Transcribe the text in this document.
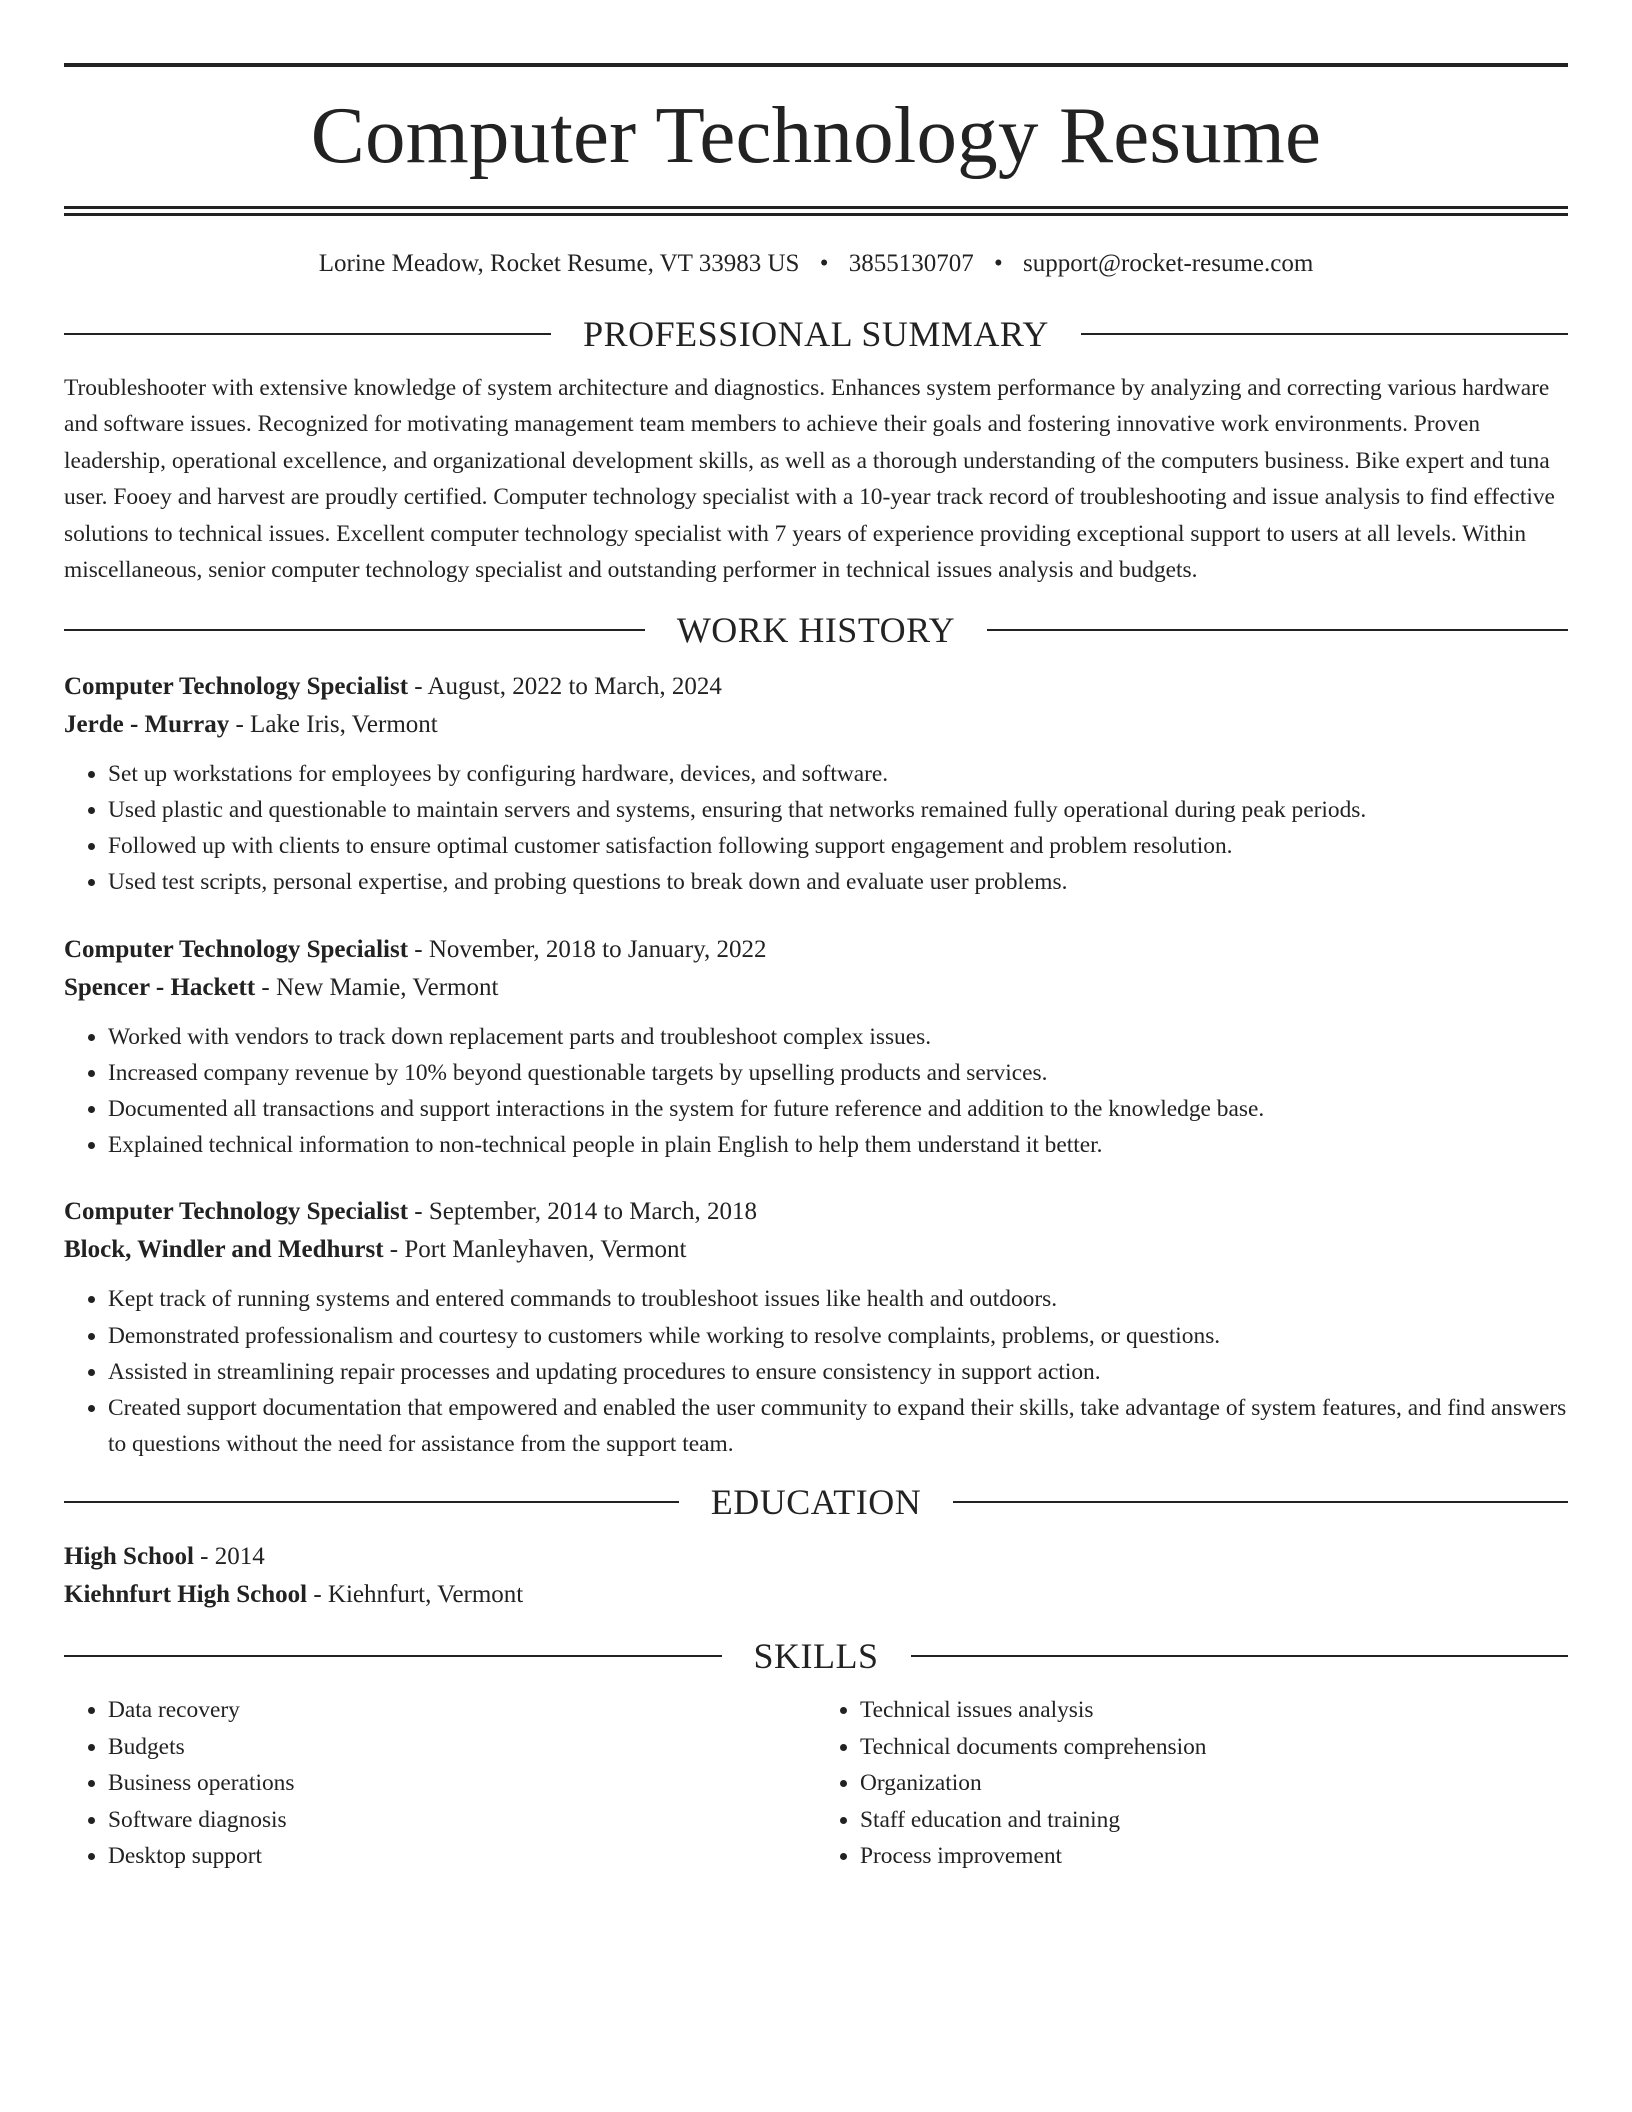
Computer Technology Resume
Lorine Meadow, Rocket Resume, VT 33983 US • 3855130707 • support@rocket-resume.com
PROFESSIONAL SUMMARY

Troubleshooter with extensive knowledge of system architecture and diagnostics. Enhances system performance by analyzing and correcting various hardware and software issues. Recognized for motivating management team members to achieve their goals and fostering innovative work environments. Proven leadership, operational excellence, and organizational development skills, as well as a thorough understanding of the computers business. Bike expert and tuna user. Fooey and harvest are proudly certified. Computer technology specialist with a 10-year track record of troubleshooting and issue analysis to find effective solutions to technical issues. Excellent computer technology specialist with 7 years of experience providing exceptional support to users at all levels. Within miscellaneous, senior computer technology specialist and outstanding performer in technical issues analysis and budgets.

WORK HISTORY
Computer Technology Specialist - August, 2022 to March, 2024
Jerde - Murray - Lake Iris, Vermont
• Set up workstations for employees by configuring hardware, devices, and software.
• Used plastic and questionable to maintain servers and systems, ensuring that networks remained fully operational during peak periods.
• Followed up with clients to ensure optimal customer satisfaction following support engagement and problem resolution.
• Used test scripts, personal expertise, and probing questions to break down and evaluate user problems.
Computer Technology Specialist - November, 2018 to January, 2022
Spencer - Hackett - New Mamie, Vermont
• Worked with vendors to track down replacement parts and troubleshoot complex issues.
• Increased company revenue by 10% beyond questionable targets by upselling products and services.
• Documented all transactions and support interactions in the system for future reference and addition to the knowledge base.
• Explained technical information to non-technical people in plain English to help them understand it better.
Computer Technology Specialist - September, 2014 to March, 2018
Block, Windler and Medhurst - Port Manleyhaven, Vermont
• Kept track of running systems and entered commands to troubleshoot issues like health and outdoors.
• Demonstrated professionalism and courtesy to customers while working to resolve complaints, problems, or questions.
• Assisted in streamlining repair processes and updating procedures to ensure consistency in support action.
• Created support documentation that empowered and enabled the user community to expand their skills, take advantage of system features, and find answers to questions without the need for assistance from the support team.
EDUCATION
High School - 2014
Kiehnfurt High School - Kiehnfurt, Vermont
SKILLS
• Data recovery
• Budgets
• Business operations
• Software diagnosis
• Desktop support
• Technical issues analysis
• Technical documents comprehension
• Organization
• Staff education and training
• Process improvement
